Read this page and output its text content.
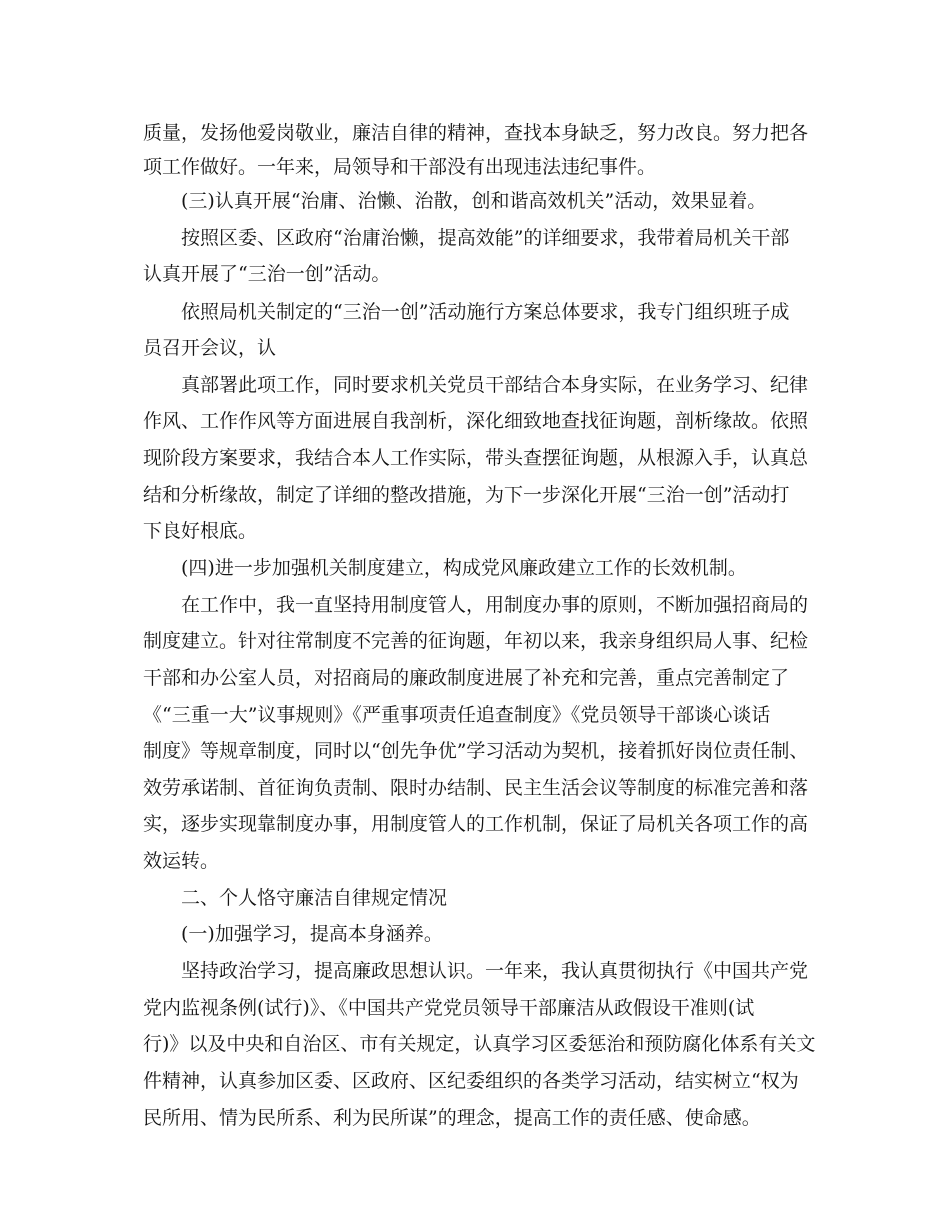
质量，发扬他爱岗敬业，廉洁自律的精神，查找本身缺乏，努力改良。努力把各

项工作做好。一年来，局领导和干部没有出现违法违纪事件。

(三)认真开展“治庸、治懒、治散，创和谐高效机关”活动，效果显着。

按照区委、区政府“治庸治懒，提高效能”的详细要求，我带着局机关干部

认真开展了“三治一创”活动。

依照局机关制定的“三治一创”活动施行方案总体要求，我专门组织班子成

员召开会议，认

真部署此项工作，同时要求机关党员干部结合本身实际，在业务学习、纪律

作风、工作作风等方面进展自我剖析，深化细致地查找征询题，剖析缘故。依照

现阶段方案要求，我结合本人工作实际，带头查摆征询题，从根源入手，认真总

结和分析缘故，制定了详细的整改措施，为下一步深化开展“三治一创”活动打

下良好根底。

(四)进一步加强机关制度建立，构成党风廉政建立工作的长效机制。

在工作中，我一直坚持用制度管人，用制度办事的原则，不断加强招商局的

制度建立。针对往常制度不完善的征询题，年初以来，我亲身组织局人事、纪检

干部和办公室人员，对招商局的廉政制度进展了补充和完善，重点完善制定了

《“三重一大”议事规则》《严重事项责任追查制度》《党员领导干部谈心谈话

制度》等规章制度，同时以“创先争优”学习活动为契机，接着抓好岗位责任制、

效劳承诺制、首征询负责制、限时办结制、民主生活会议等制度的标准完善和落

实，逐步实现靠制度办事，用制度管人的工作机制，保证了局机关各项工作的高

效运转。

二、个人恪守廉洁自律规定情况

(一)加强学习，提高本身涵养。

坚持政治学习，提高廉政思想认识。一年来，我认真贯彻执行《中国共产党

党内监视条例(试行)》、《中国共产党党员领导干部廉洁从政假设干准则(试

行)》以及中央和自治区、市有关规定，认真学习区委惩治和预防腐化体系有关文

件精神，认真参加区委、区政府、区纪委组织的各类学习活动，结实树立“权为

民所用、情为民所系、利为民所谋”的理念，提高工作的责任感、使命感。
